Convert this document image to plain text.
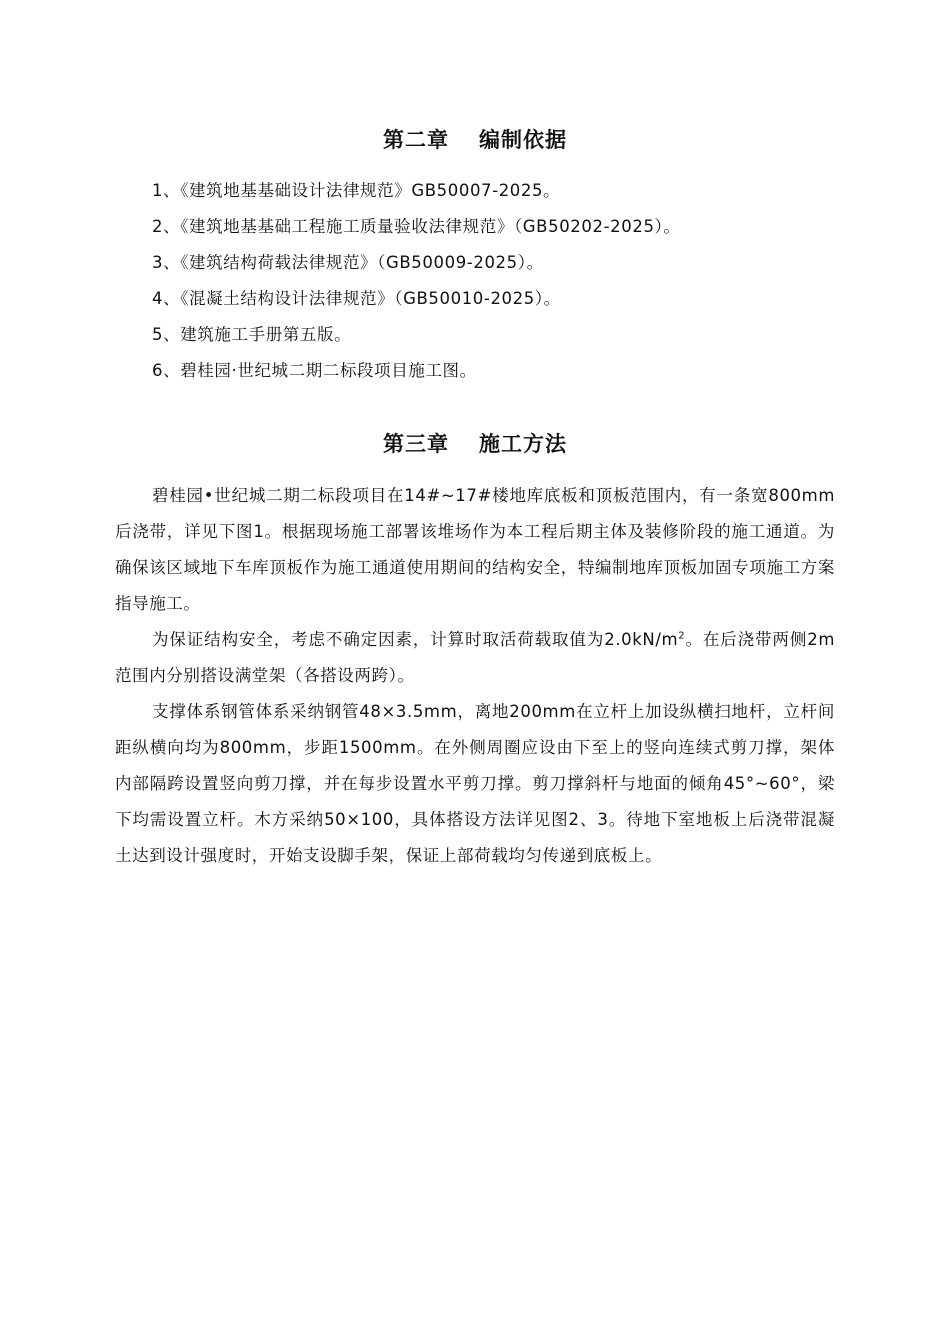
第二章 编制依据
1、《建筑地基基础设计法律规范》GB50007-2025。
2、《建筑地基基础工程施工质量验收法律规范》（GB50202-2025）。
3、《建筑结构荷载法律规范》（GB50009-2025）。
4、《混凝土结构设计法律规范》（GB50010-2025）。
5、建筑施工手册第五版。
6、碧桂园·世纪城二期二标段项目施工图。
第三章 施工方法

碧桂园•世纪城二期二标段项目在14#~17#楼地库底板和顶板范围内，有一条宽800mm后浇带，详见下图1。根据现场施工部署该堆场作为本工程后期主体及装修阶段的施工通道。为确保该区域地下车库顶板作为施工通道使用期间的结构安全，特编制地库顶板加固专项施工方案指导施工。

为保证结构安全，考虑不确定因素，计算时取活荷载取值为$2.0kN/m^2$。在后浇带两侧2m范围内分别搭设满堂架（各搭设两跨）。

支撑体系钢管体系采纳钢管48×3.5mm，离地200mm在立杆上加设纵横扫地杆，立杆间距纵横向均为800mm，步距1500mm。在外侧周圈应设由下至上的竖向连续式剪刀撑，架体内部隔跨设置竖向剪刀撑，并在每步设置水平剪刀撑。剪刀撑斜杆与地面的倾角45°~60°，梁下均需设置立杆。木方采纳50×100，具体搭设方法详见图2、3。待地下室地板上后浇带混凝土达到设计强度时，开始支设脚手架，保证上部荷载均匀传递到底板上。
